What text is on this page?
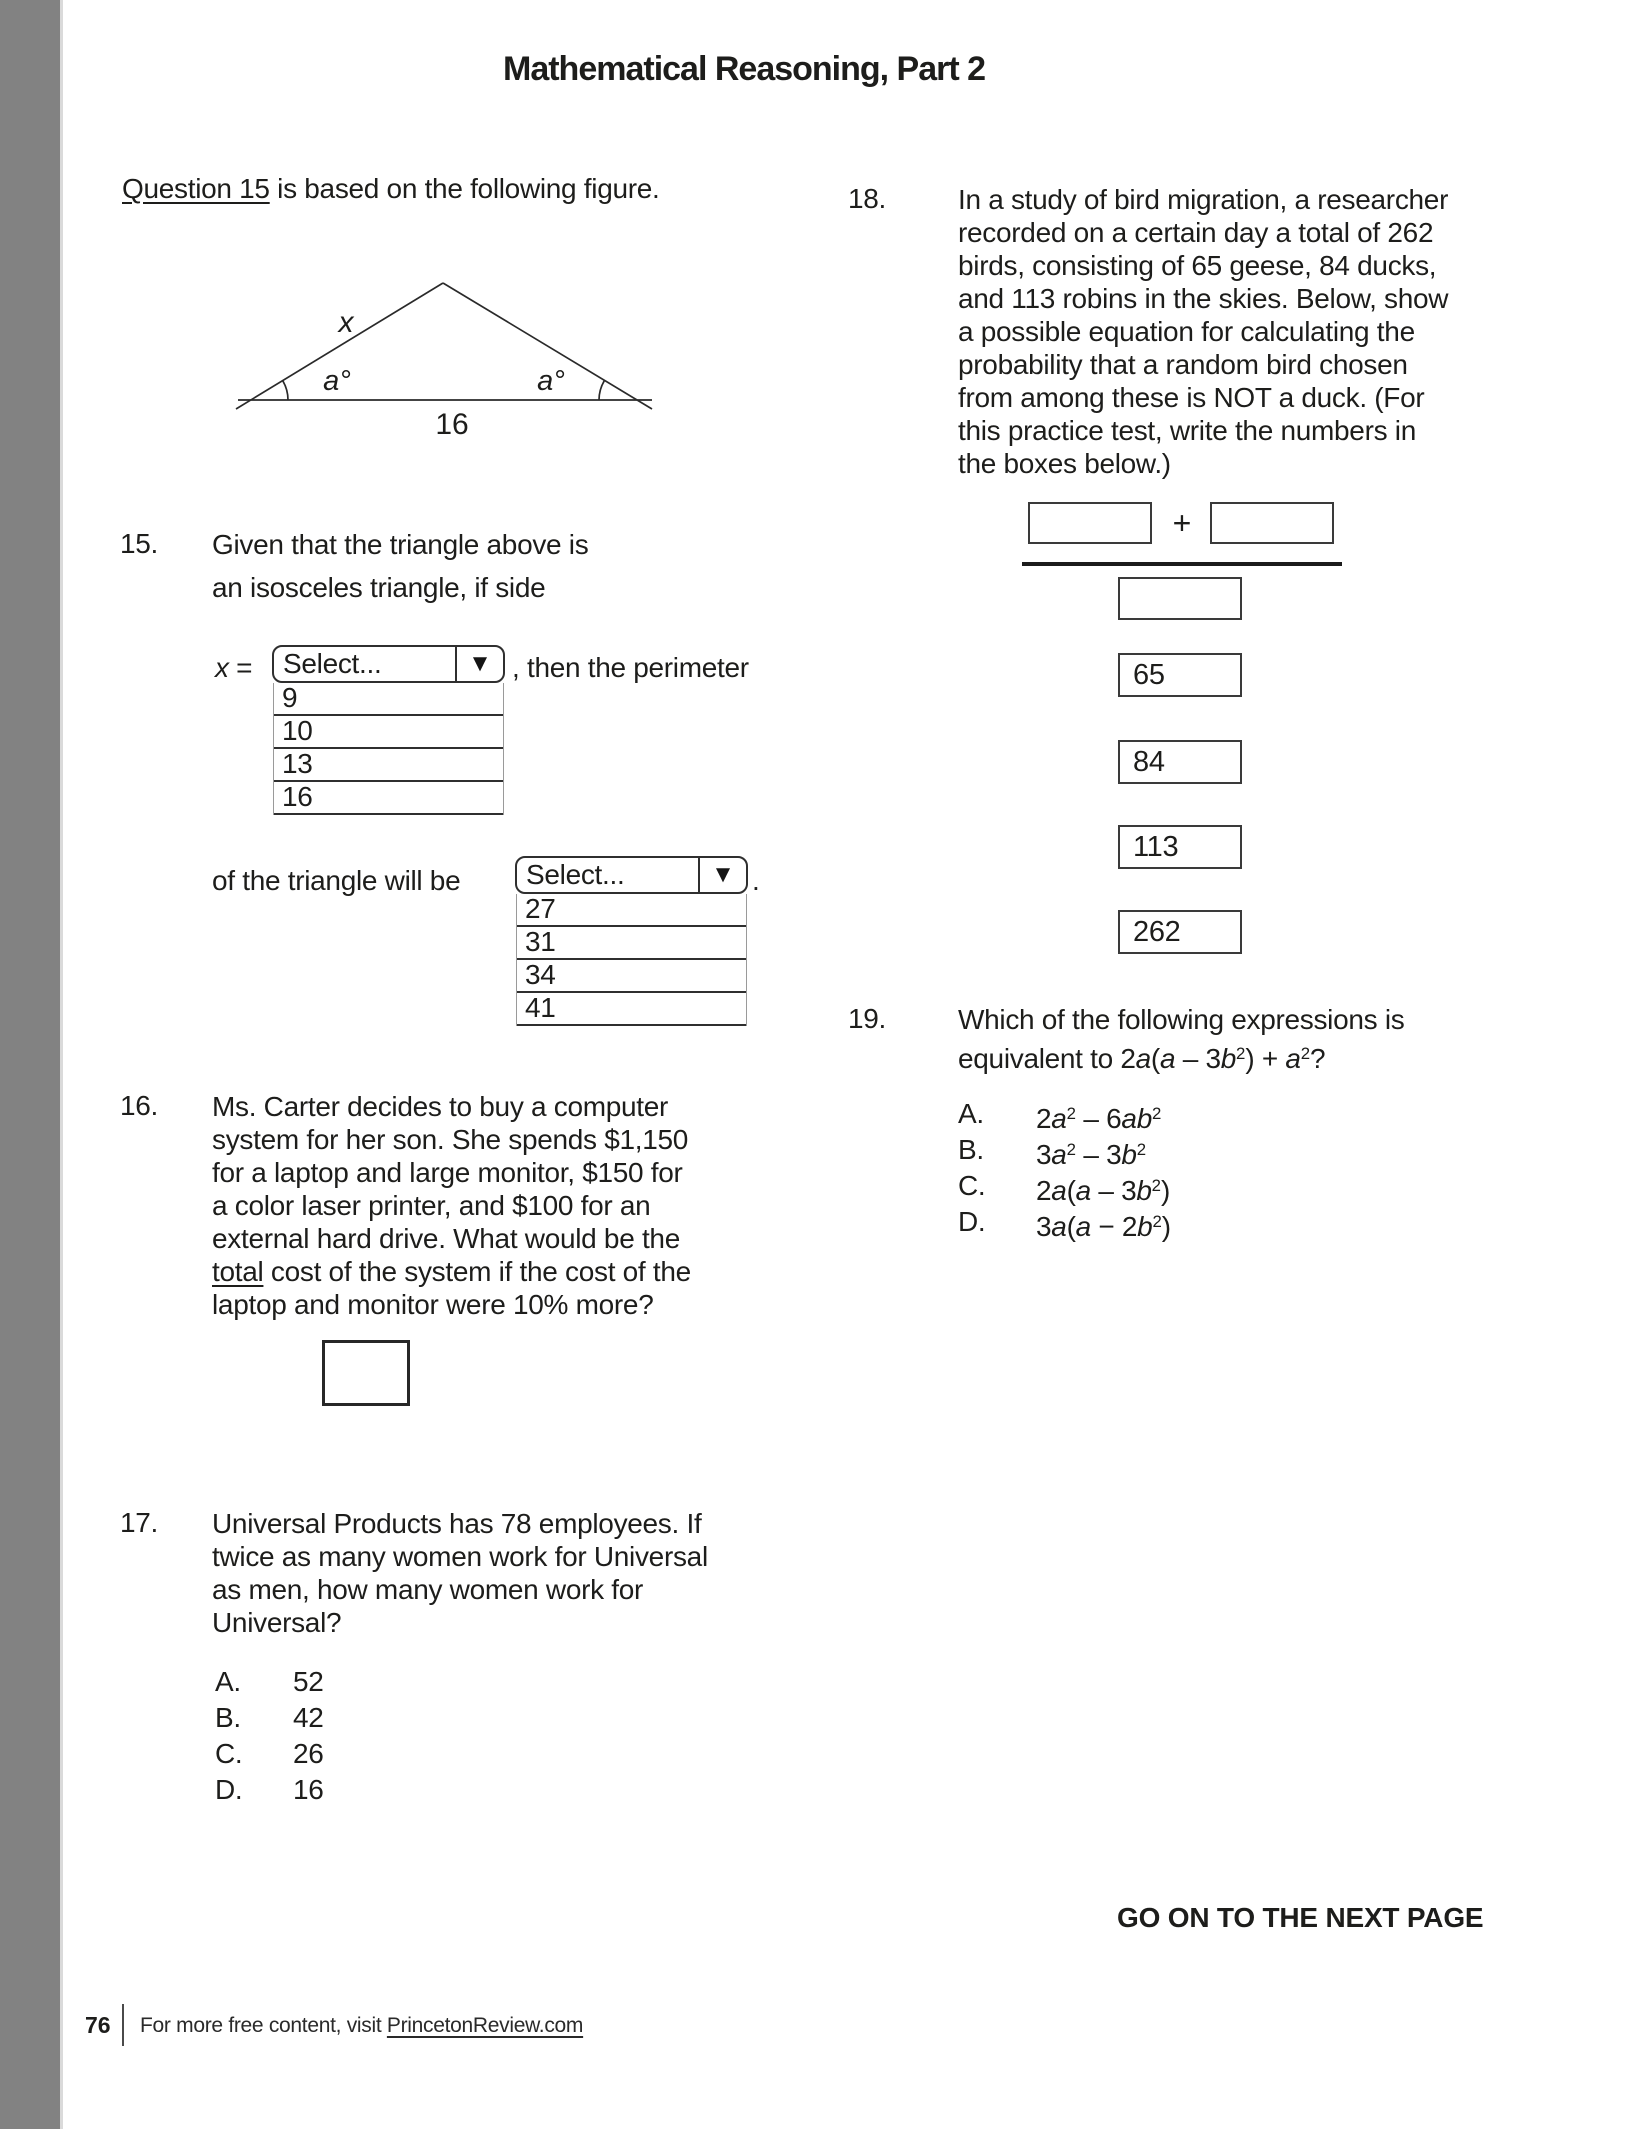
Mathematical Reasoning, Part 2
Question 15 is based on the following figure.
x
a°	a°
16
15. Given that the triangle above is
an isosceles triangle, if side
x =	Select...	▼ , then the perimeter
9
10
13
16
of the triangle will be	Select...	▼ .
27
31
34
41
16. Ms. Carter decides to buy a computer
system for her son. She spends $1,150
for a laptop and large monitor, $150 for
a color laser printer, and $100 for an
external hard drive. What would be the
total cost of the system if the cost of the
laptop and monitor were 10% more?
17. Universal Products has 78 employees. If
twice as many women work for Universal
as men, how many women work for
Universal?
A. 52
B. 42
C. 26
D. 16
18.	In a study of bird migration, a researcher
recorded on a certain day a total of 262
birds, consisting of 65 geese, 84 ducks,
and 113 robins in the skies. Below, show
a possible equation for calculating the
probability that a random bird chosen
from among these is NOT a duck. (For
this practice test, write the numbers in
the boxes below.)
+
65
84
113
262
19.	Which of the following expressions is
equivalent to $2a(a - 3b^2) + a^2$?
A. $2a^2 - 6ab^2$
B. $3a^2 - 3b^2$
C. $2a(a - 3b^2)$
D. $3a(a - 2b^2)$
GO ON TO THE NEXT PAGE
76 For more free content, visit PrincetonReview.com
